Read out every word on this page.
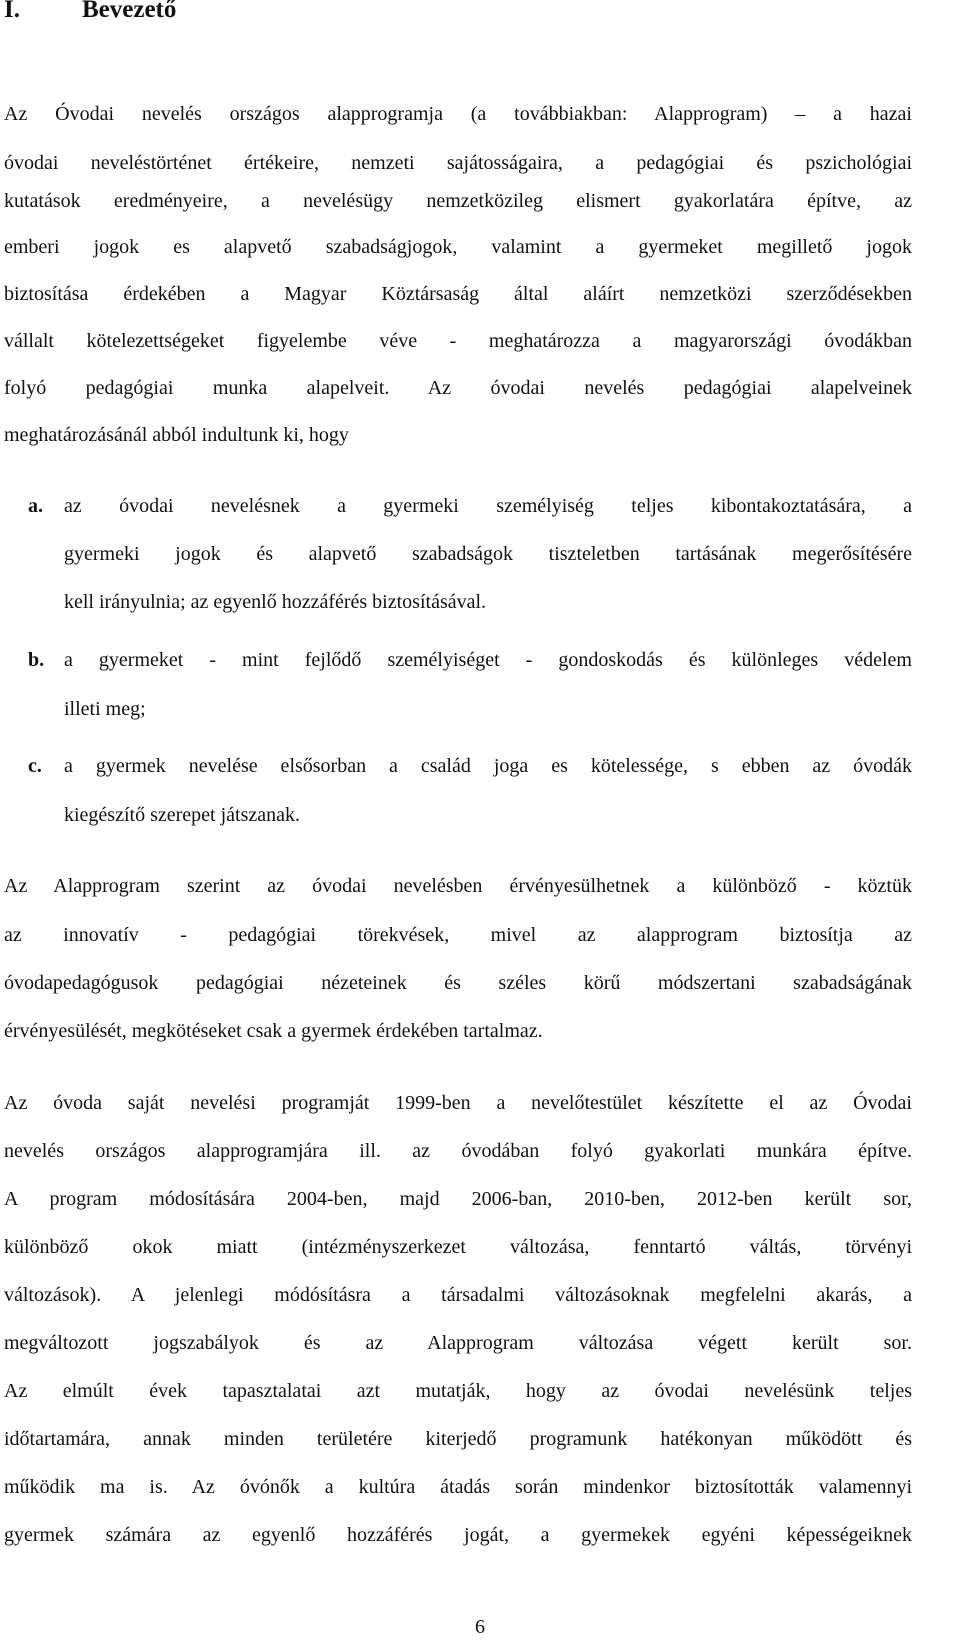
I. Bevezető
Az Óvodai nevelés országos alapprogramja (a továbbiakban: Alapprogram) – a hazai
óvodai neveléstörténet értékeire, nemzeti sajátosságaira, a pedagógiai és pszichológiai
kutatások eredményeire, a nevelésügy nemzetközileg elismert gyakorlatára építve, az
emberi jogok es alapvető szabadságjogok, valamint a gyermeket megillető jogok
biztosítása érdekében a Magyar Köztársaság által aláírt nemzetközi szerződésekben
vállalt kötelezettségeket figyelembe véve - meghatározza a magyarországi óvodákban
folyó pedagógiai munka alapelveit. Az óvodai nevelés pedagógiai alapelveinek
meghatározásánál abból indultunk ki, hogy
a. az óvodai nevelésnek a gyermeki személyiség teljes kibontakoztatására, a
gyermeki jogok és alapvető szabadságok tiszteletben tartásának megerősítésére
kell irányulnia; az egyenlő hozzáférés biztosításával.
b. a gyermeket - mint fejlődő személyiséget - gondoskodás és különleges védelem
illeti meg;
c. a gyermek nevelése elsősorban a család joga es kötelessége, s ebben az óvodák
kiegészítő szerepet játszanak.
Az Alapprogram szerint az óvodai nevelésben érvényesülhetnek a különböző - köztük
az innovatív - pedagógiai törekvések, mivel az alapprogram biztosítja az
óvodapedagógusok pedagógiai nézeteinek és széles körű módszertani szabadságának
érvényesülését, megkötéseket csak a gyermek érdekében tartalmaz.
Az óvoda saját nevelési programját 1999-ben a nevelőtestület készítette el az Óvodai
nevelés országos alapprogramjára ill. az óvodában folyó gyakorlati munkára építve.
A program módosítására 2004-ben, majd 2006-ban, 2010-ben, 2012-ben került sor,
különböző okok miatt (intézményszerkezet változása, fenntartó váltás, törvényi
változások). A jelenlegi módósításra a társadalmi változásoknak megfelelni akarás, a
megváltozott jogszabályok és az Alapprogram változása végett került sor.
Az elmúlt évek tapasztalatai azt mutatják, hogy az óvodai nevelésünk teljes
időtartamára, annak minden területére kiterjedő programunk hatékonyan működött és
működik ma is. Az óvónők a kultúra átadás során mindenkor biztosították valamennyi
gyermek számára az egyenlő hozzáférés jogát, a gyermekek egyéni képességeiknek
6
